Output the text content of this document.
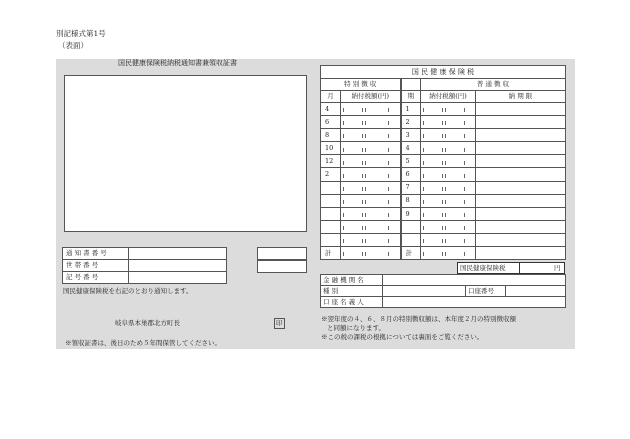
別記様式第1号
（表面）
国民健康保険税納税通知書兼領収証書
通 知 書 番 号	
世 帯 番 号	
記 号 番 号	
国民健康保険税を右記のとおり通知します。
岐阜県本巣郡北方町長	印
※領収証書は、後日のため５年間保管してください。
国 民 健 康 保 険 税				
特 別 徴 収			普 通 徴 収	
月	納付税額(円)	期	納付税額(円)	納 期 限
4		1		
6		2		
8		3		
10		4		
12		5		
2		6		
		7		
		8		
		9		

計		計		
国民健康保険税	円
金 融 機 関 名			
種 別		口座番号	
口 座 名 義 人			
※翌年度の４、６、８月の特別徴収額は、本年度２月の特別徴収額
と同額になります。
※この税の課税の根拠については裏面をご覧ください。
